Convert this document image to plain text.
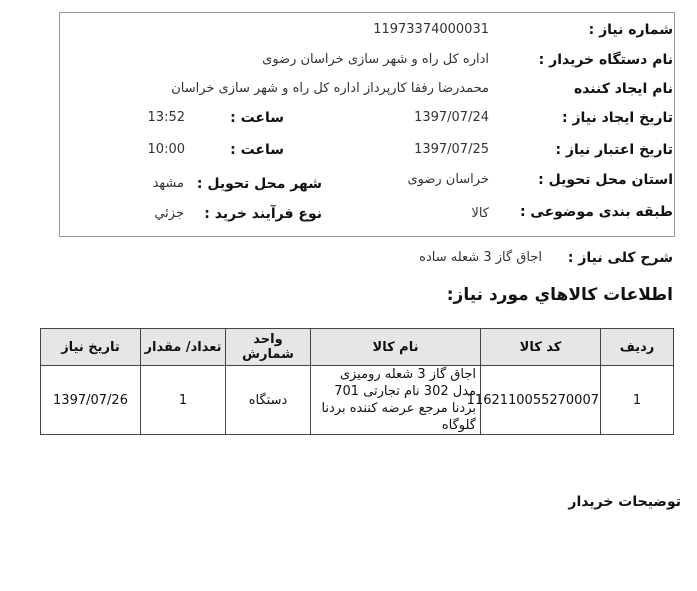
شماره نیاز :
11973374000031
نام دستگاه خریدار :
اداره کل راه و شهر سازی خراسان رضوی
نام ایجاد کننده
محمدرضا رفقا کارپرداز اداره کل راه و شهر سازی خراسان
تاریخ ایجاد نیاز :
1397/07/24
ساعت :
13:52
تاریخ اعتبار نیاز :
1397/07/25
ساعت :
10:00
استان محل تحویل :
خراسان رضوی
شهر محل تحویل :
مشهد
طبقه بندی موضوعی :
کالا
نوع فرآیند خرید :
جزئي
شرح کلی نیاز :
اجاق گاز 3 شعله ساده
اطلاعات کالاهاي مورد نیاز:
ردیف	کد کالا	نام کالا	واحد شمارش	تعداد/ مقدار	تاریخ نیاز
1	1162110055270007	اجاق گاز 3 شعله رومیزی مدل 302 نام تجارتی 701 بردنا مرجع عرضه کننده بردنا گلوگاه	دستگاه	1	1397/07/26
توضیحات خریدار
